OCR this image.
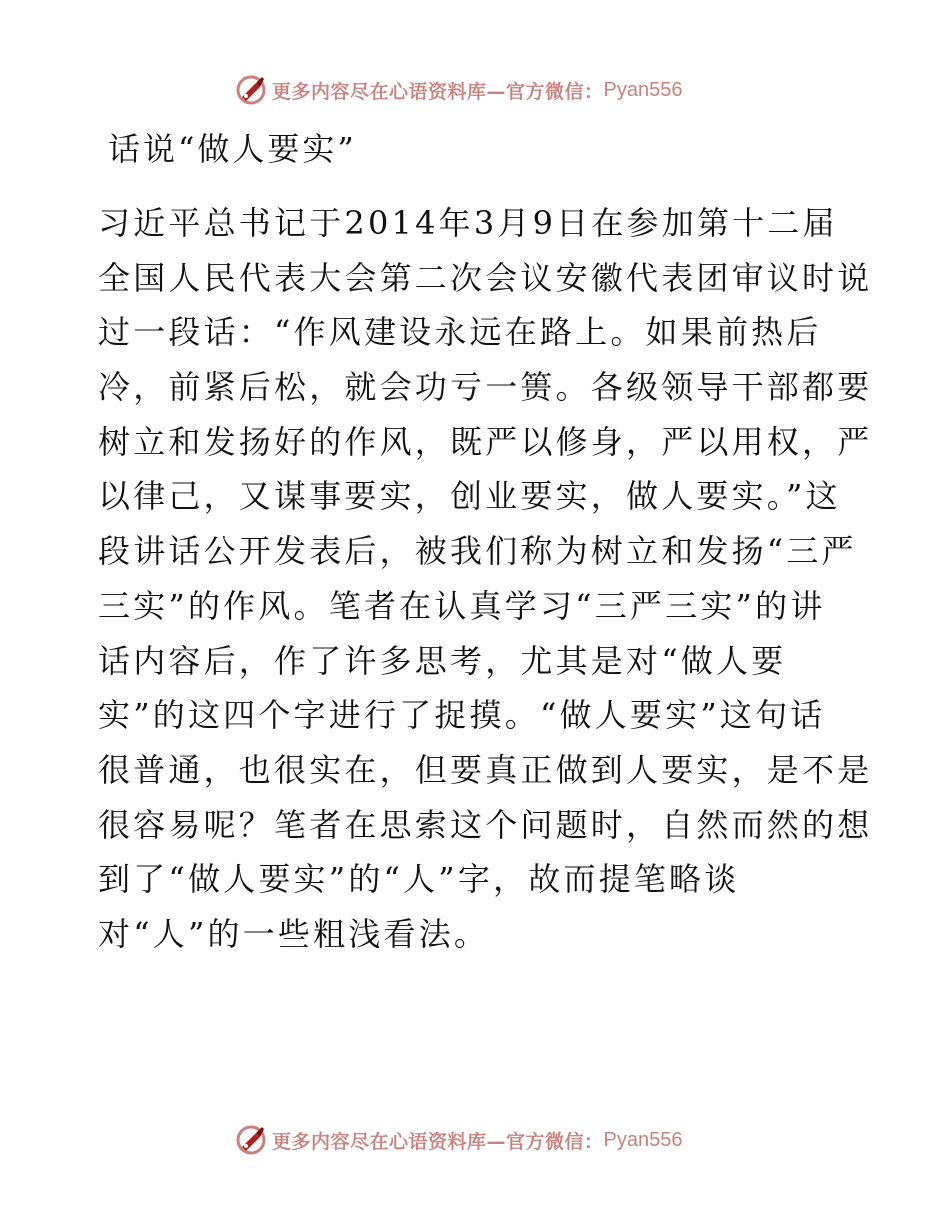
更多内容尽在心语资料库—官方微信： Pyan556
话说“做人要实”
习近平总书记于2014年3月9日在参加第十二届
全国人民代表大会第二次会议安徽代表团审议时说
过一段话：“作风建设永远在路上。如果前热后
冷，前紧后松，就会功亏一篑。各级领导干部都要
树立和发扬好的作风，既严以修身，严以用权，严
以律己，又谋事要实，创业要实，做人要实。”这
段讲话公开发表后，被我们称为树立和发扬“三严
三实”的作风。笔者在认真学习“三严三实”的讲
话内容后，作了许多思考，尤其是对“做人要
实”的这四个字进行了捉摸。“做人要实”这句话
很普通，也很实在，但要真正做到人要实，是不是
很容易呢？笔者在思索这个问题时，自然而然的想
到了“做人要实”的“人”字，故而提笔略谈
对“人”的一些粗浅看法。
更多内容尽在心语资料库—官方微信： Pyan556
